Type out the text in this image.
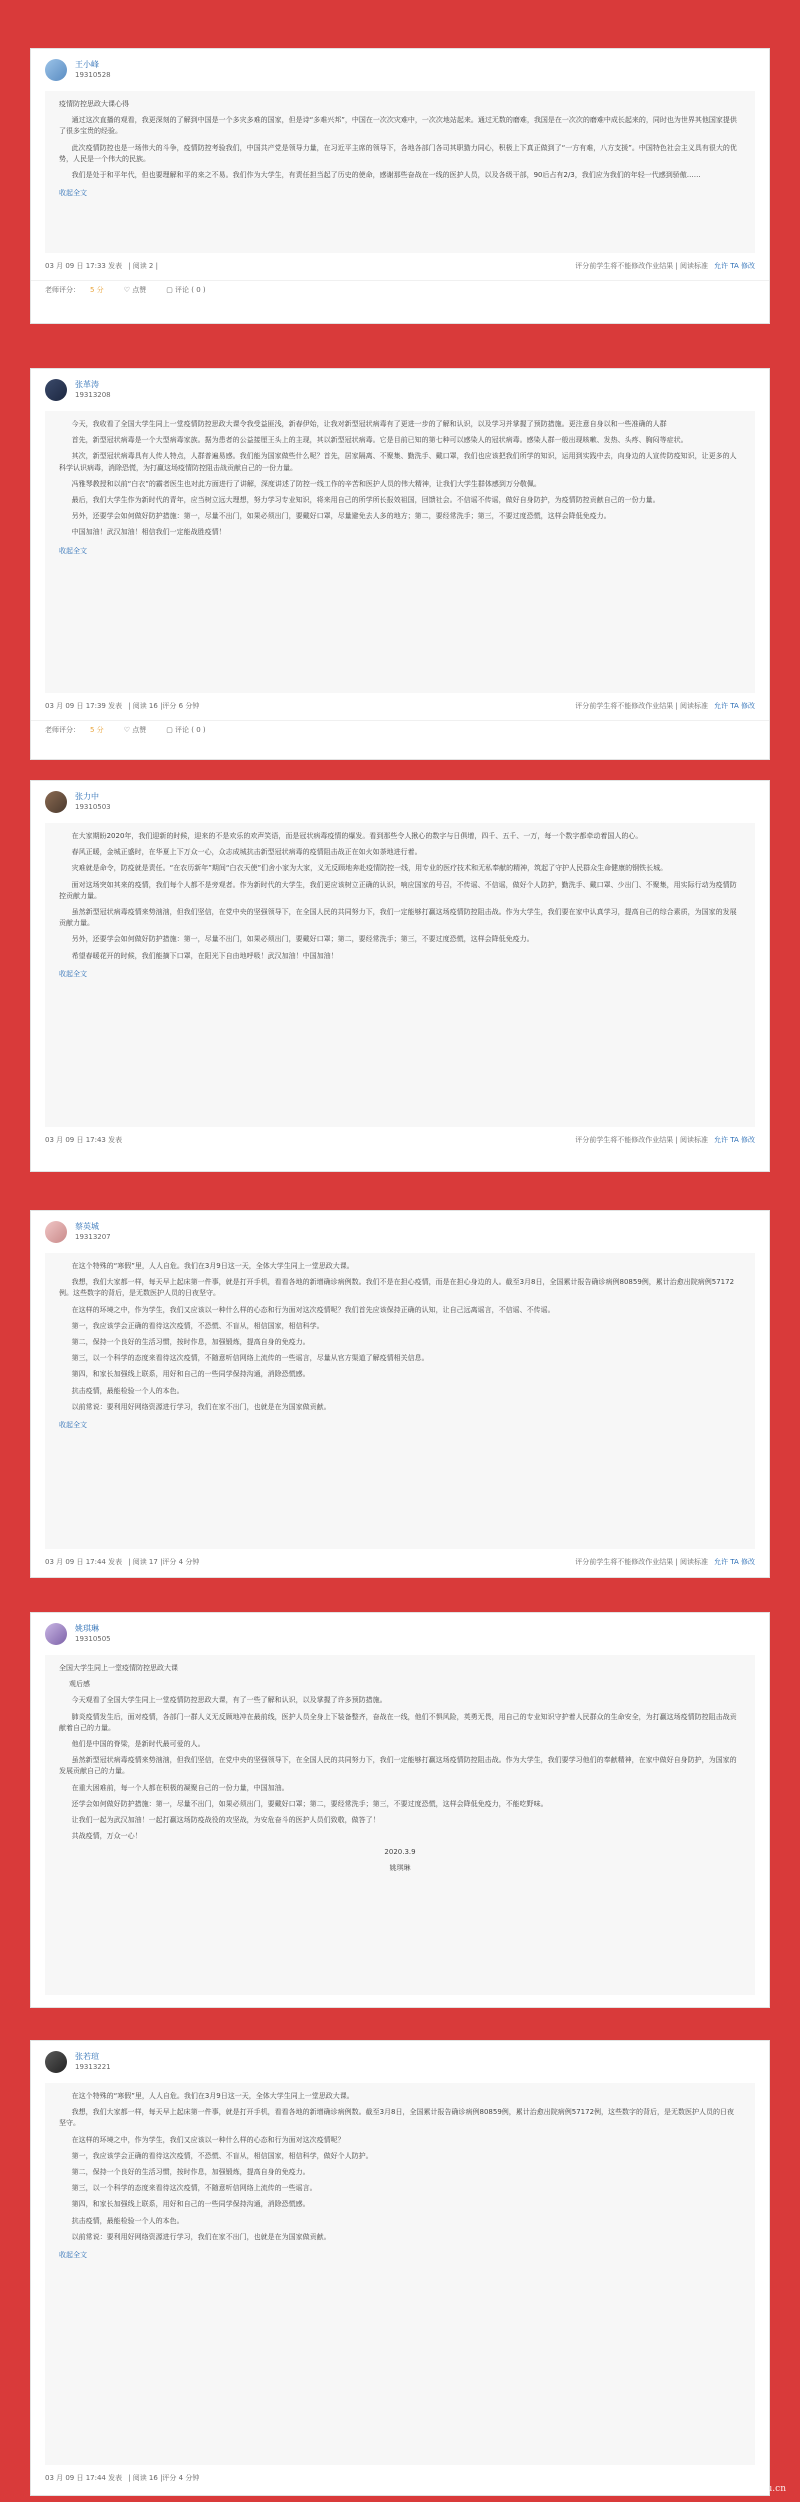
王小峰
19310528

疫情防控思政大课心得

通过这次直播的观看，我更深刻的了解到中国是一个多灾多难的国家，但是诗“多难兴邦”，中国在一次次灾难中，一次次地站起来。通过无数的磨难，我国是在一次次的磨难中成长起来的，同时也为世界其他国家提供了很多宝贵的经验。

此次疫情防控也是一场伟大的斗争，疫情防控考验我们，中国共产党是领导力量，在习近平主席的领导下，各地各部门各司其职勠力同心，积极上下真正做到了“一方有难，八方支援”。中国特色社会主义具有很大的优势，人民是一个伟大的民族。

我们是处于和平年代，但也要理解和平的来之不易。我们作为大学生，有责任担当起了历史的使命，感谢那些奋战在一线的医护人员，以及各级干部，90后占有2/3，我们应为我们的年轻一代感到骄傲……

收起全文
03 月 09 日 17:33 发表 | 阅读 2 |	评分前学生将不能修改作业结果 | 阅读标准 允许 TA 修改
老师评分： 5 分	♡ 点赞	▢ 评论 ( 0 )
张革涛
19313208

今天，我收看了全国大学生同上一堂疫情防控思政大课令我受益匪浅，新春伊始，让我对新型冠状病毒有了更进一步的了解和认识，以及学习并掌握了预防措施。更注意自身以和一些准确的人群

首先，新型冠状病毒是一个大型病毒家族。据为患者的公益接厘王头上的主现，其以新型冠状病毒。它是目前已知的第七种可以感染人的冠状病毒。感染人群一般出现咳嗽、发热、头疼、胸闷等症状。

其次，新型冠状病毒具有人传人特点，人群普遍易感。我们能为国家做些什么呢？首先，居家隔离、不聚集、勤洗手、戴口罩，我们也应该把我们所学的知识，运用到实践中去，向身边的人宣传防疫知识，让更多的人科学认识病毒，消除恐慌，为打赢这场疫情防控阻击战贡献自己的一份力量。

冯雅琴教授和以前“白衣”的霸者医生也对此方面进行了讲解，深度讲述了防控一线工作的辛苦和医护人员的伟大精神，让我们大学生群体感到万分敬佩。

最后，我们大学生作为新时代的青年，应当树立远大理想，努力学习专业知识，将来用自己的所学所长报效祖国，回馈社会。不信谣不传谣，做好自身防护，为疫情防控贡献自己的一份力量。

另外，还要学会如何做好防护措施：第一，尽量不出门，如果必须出门，要戴好口罩，尽量避免去人多的地方；第二，要经常洗手；第三，不要过度恐慌，这样会降低免疫力。

中国加油！武汉加油！相信我们一定能战胜疫情！

收起全文
03 月 09 日 17:39 发表 | 阅读 16 |评分 6 分钟	评分前学生将不能修改作业结果 | 阅读标准 允许 TA 修改
老师评分： 5 分	♡ 点赞	▢ 评论 ( 0 )
张力中
19310503

在大家期盼2020年，我们迎新的时候，迎来的不是欢乐的欢声笑语，而是冠状病毒疫情的爆发。看到那些令人揪心的数字与日俱增，四千、五千、一万，每一个数字都牵动着国人的心。

春风正暖，金城正盛时，在华夏上下万众一心，众志成城抗击新型冠状病毒的疫情阻击战正在如火如荼地进行着。

灾难就是命令，防疫就是责任。“在农历新年”期间“白衣天使”们舍小家为大家，义无反顾地奔赴疫情防控一线，用专业的医疗技术和无私奉献的精神，筑起了守护人民群众生命健康的钢铁长城。

面对这场突如其来的疫情，我们每个人都不是旁观者。作为新时代的大学生，我们更应该树立正确的认识，响应国家的号召，不传谣、不信谣，做好个人防护，勤洗手、戴口罩、少出门、不聚集，用实际行动为疫情防控贡献力量。

虽然新型冠状病毒疫情来势汹汹，但我们坚信，在党中央的坚强领导下，在全国人民的共同努力下，我们一定能够打赢这场疫情防控阻击战。作为大学生，我们要在家中认真学习，提高自己的综合素质，为国家的发展贡献力量。

另外，还要学会如何做好防护措施：第一，尽量不出门，如果必须出门，要戴好口罩；第二，要经常洗手；第三，不要过度恐慌，这样会降低免疫力。

希望春暖花开的时候，我们能摘下口罩，在阳光下自由地呼吸！武汉加油！中国加油！

收起全文
03 月 09 日 17:43 发表	评分前学生将不能修改作业结果 | 阅读标准 允许 TA 修改
蔡英城
19313207

在这个特殊的“寒假”里，人人自危。我们在3月9日这一天，全体大学生同上一堂思政大课。

我想，我们大家都一样，每天早上起床第一件事，就是打开手机，看看各地的新增确诊病例数。我们不是在担心疫情，而是在担心身边的人。截至3月8日，全国累计报告确诊病例80859例，累计治愈出院病例57172例。这些数字的背后，是无数医护人员的日夜坚守。

在这样的环境之中，作为学生，我们又应该以一种什么样的心态和行为面对这次疫情呢？我们首先应该保持正确的认知，让自己远离谣言，不信谣、不传谣。

第一，我应该学会正确的看待这次疫情，不恐慌、不盲从，相信国家，相信科学。

第二，保持一个良好的生活习惯，按时作息，加强锻炼，提高自身的免疫力。

第三，以一个科学的态度来看待这次疫情，不随意听信网络上流传的一些谣言，尽量从官方渠道了解疫情相关信息。

第四，和家长加强线上联系，用好和自己的一些同学保持沟通，消除恐慌感。

抗击疫情，最能检验一个人的本色。

以前常说：要利用好网络资源进行学习，我们在家不出门，也就是在为国家做贡献。

收起全文
03 月 09 日 17:44 发表 | 阅读 17 |评分 4 分钟	评分前学生将不能修改作业结果 | 阅读标准 允许 TA 修改
姚琪琳
19310505

全国大学生同上一堂疫情防控思政大课

观后感

今天观看了全国大学生同上一堂疫情防控思政大课，有了一些了解和认识，以及掌握了许多预防措施。

肺炎疫情发生后，面对疫情，各部门一群人义无反顾地冲在最前线，医护人员全身上下装备整齐，奋战在一线，他们不惧风险，英勇无畏，用自己的专业知识守护着人民群众的生命安全，为打赢这场疫情防控阻击战贡献着自己的力量。

他们是中国的脊梁，是新时代最可爱的人。

虽然新型冠状病毒疫情来势汹汹，但我们坚信，在党中央的坚强领导下，在全国人民的共同努力下，我们一定能够打赢这场疫情防控阻击战。作为大学生，我们要学习他们的奉献精神，在家中做好自身防护，为国家的发展贡献自己的力量。

在重大困难前，每一个人都在积极的凝聚自己的一份力量，中国加油。

还学会如何做好防护措施：第一，尽量不出门，如果必须出门，要戴好口罩；第二，要经常洗手；第三，不要过度恐慌，这样会降低免疫力，不能吃野味。

让我们一起为武汉加油！一起打赢这场防疫战役的攻坚战，为安危奋斗的医护人员们致敬，做答了！

共战疫情，万众一心！

2020.3.9

姚琪琳

张若瑄
19313221

在这个特殊的“寒假”里，人人自危。我们在3月9日这一天，全体大学生同上一堂思政大课。

我想，我们大家都一样，每天早上起床第一件事，就是打开手机，看看各地的新增确诊病例数。截至3月8日，全国累计报告确诊病例80859例，累计治愈出院病例57172例，这些数字的背后，是无数医护人员的日夜坚守。

在这样的环境之中，作为学生，我们又应该以一种什么样的心态和行为面对这次疫情呢？

第一，我应该学会正确的看待这次疫情，不恐慌、不盲从，相信国家，相信科学，做好个人防护。

第二，保持一个良好的生活习惯，按时作息，加强锻炼，提高自身的免疫力。

第三，以一个科学的态度来看待这次疫情，不随意听信网络上流传的一些谣言。

第四，和家长加强线上联系，用好和自己的一些同学保持沟通，消除恐慌感。

抗击疫情，最能检验一个人的本色。

以前常说：要利用好网络资源进行学习，我们在家不出门，也就是在为国家做贡献。

收起全文
03 月 09 日 17:44 发表 | 阅读 16 |评分 4 分钟
www.gipc.edu.cn
